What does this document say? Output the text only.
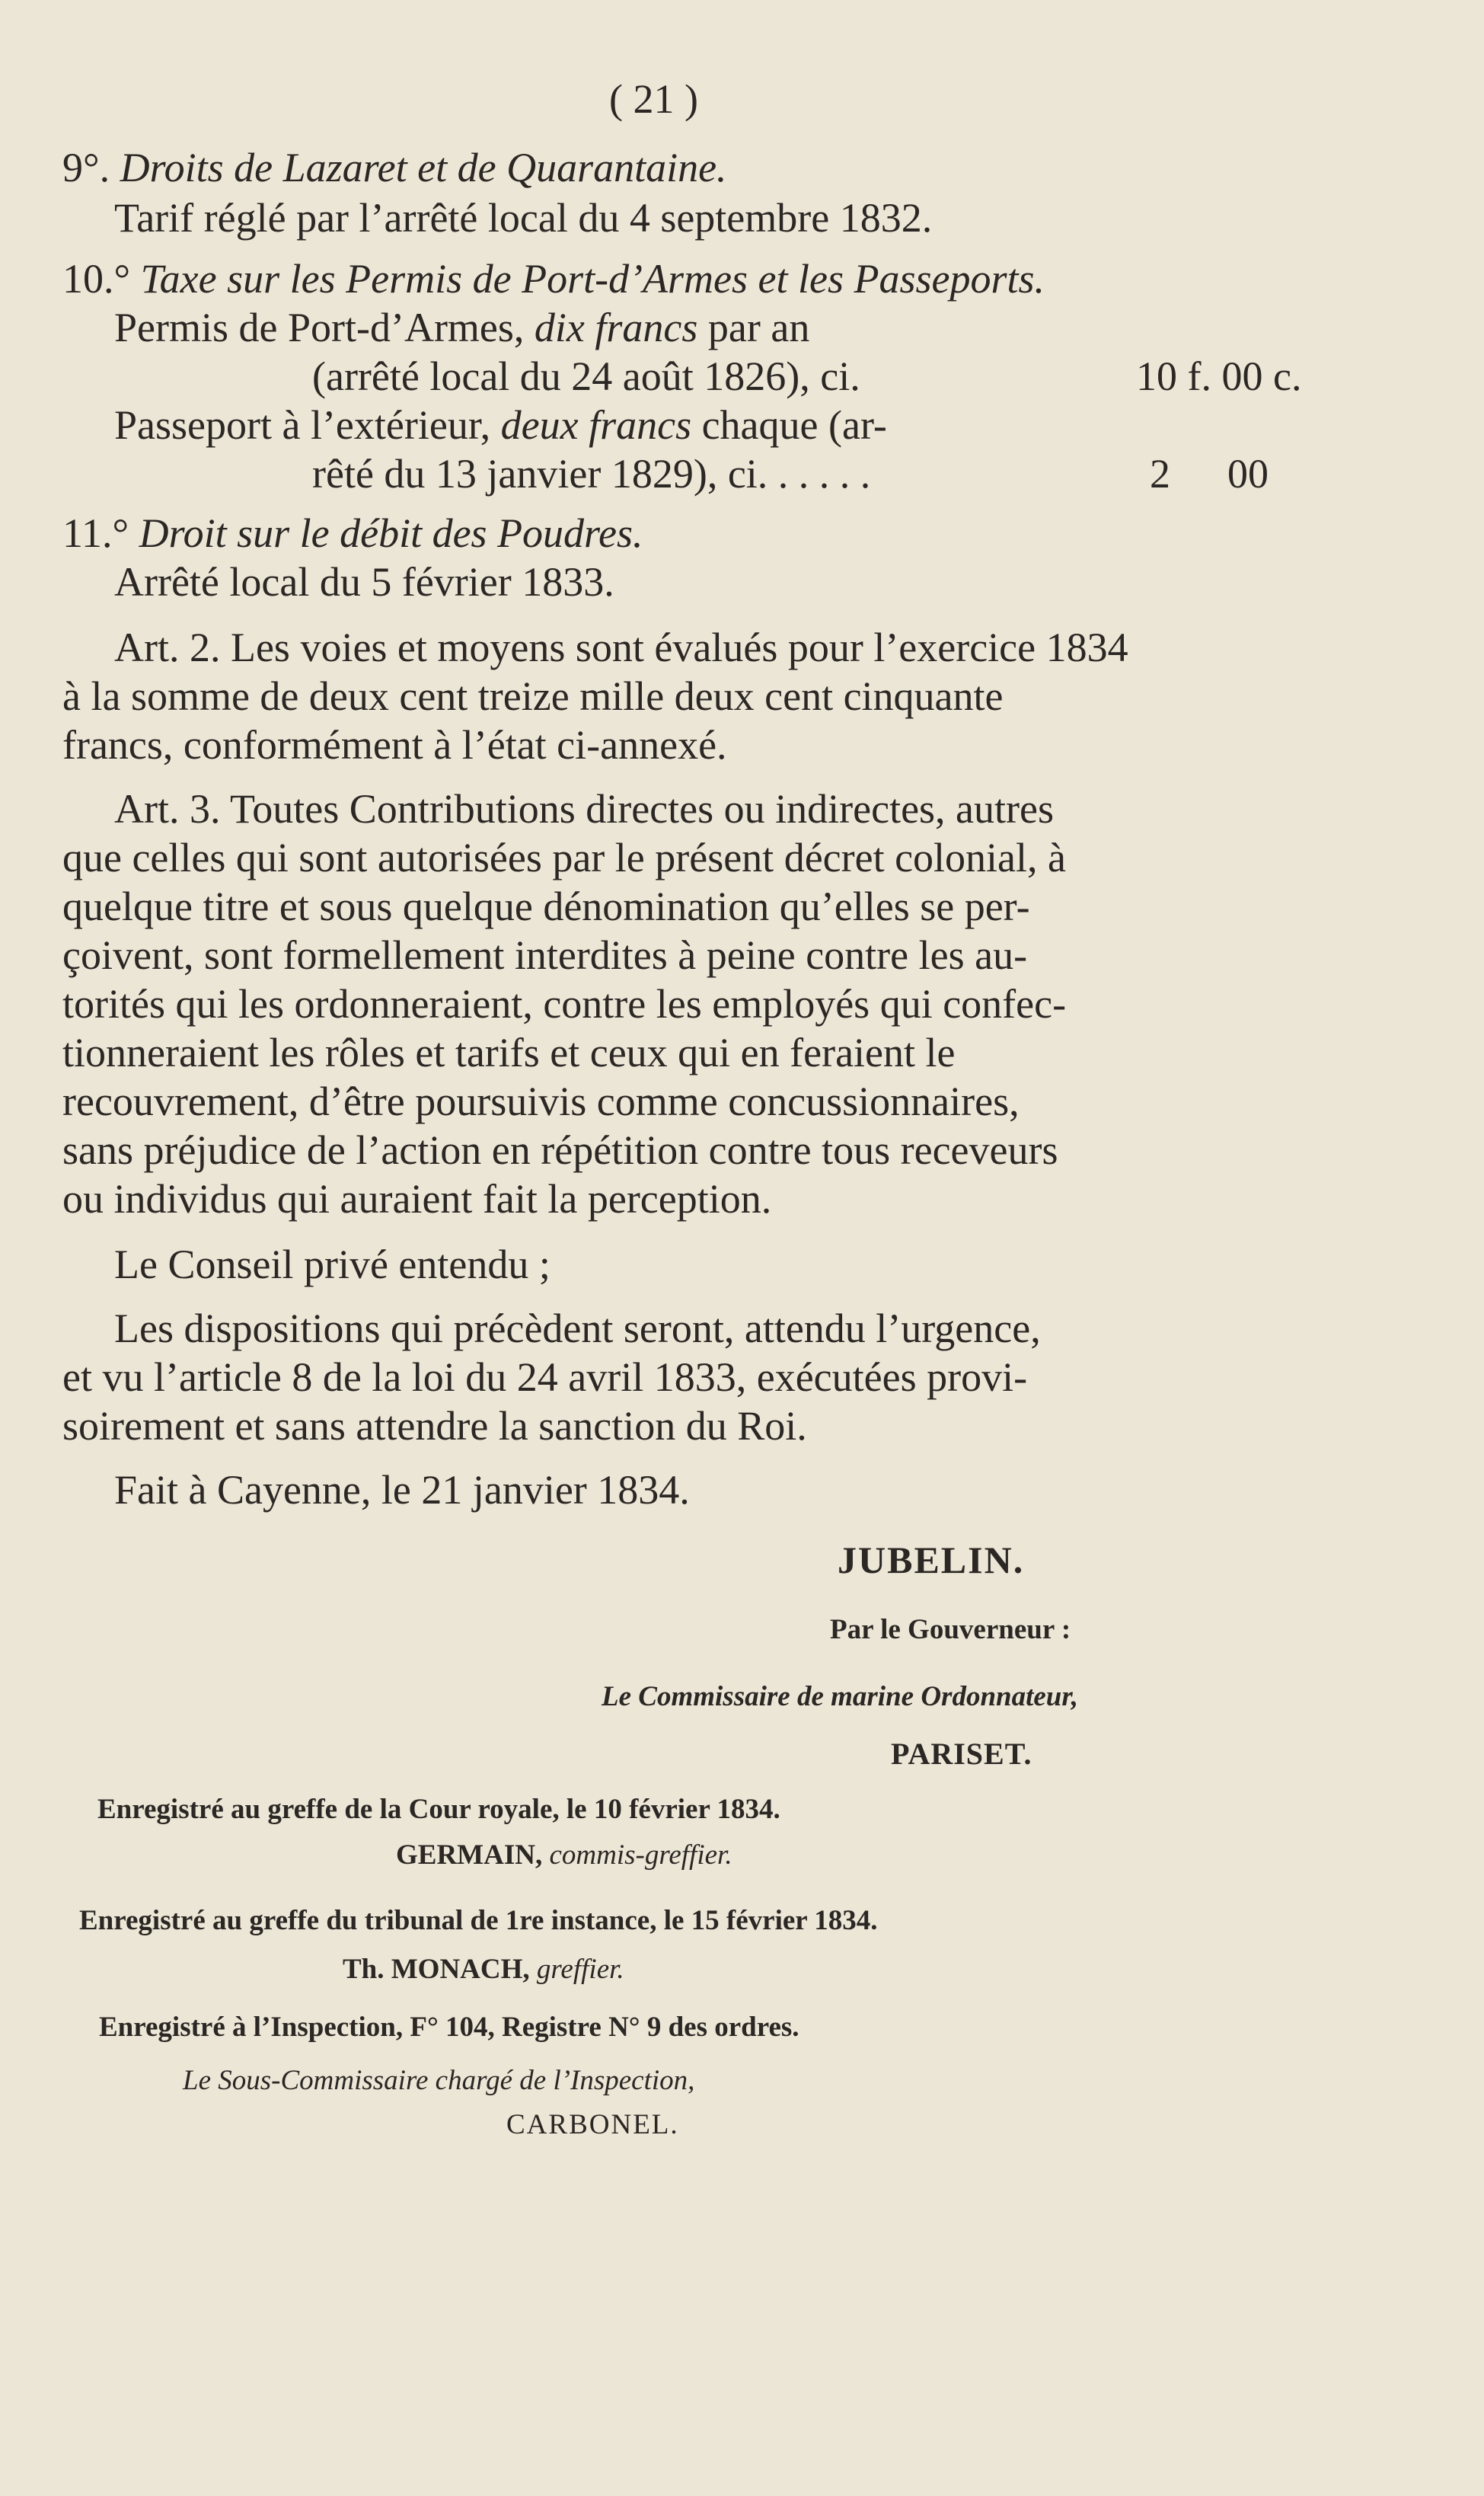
( 21 )
9°. Droits de Lazaret et de Quarantaine.
Tarif réglé par l’arrêté local du 4 septembre 1832.
10.° Taxe sur les Permis de Port-d’Armes et les Passeports.
Permis de Port-d’Armes, dix francs par an
(arrêté local du 24 août 1826), ci.	10 f. 00 c.
Passeport à l’extérieur, deux francs chaque (ar-
rêté du 13 janvier 1829), ci. . . . . .	2 00
11.° Droit sur le débit des Poudres.
Arrêté local du 5 février 1833.
Art. 2. Les voies et moyens sont évalués pour l’exercice 1834
à la somme de deux cent treize mille deux cent cinquante
francs, conformément à l’état ci-annexé.
Art. 3. Toutes Contributions directes ou indirectes, autres
que celles qui sont autorisées par le présent décret colonial, à
quelque titre et sous quelque dénomination qu’elles se per-
çoivent, sont formellement interdites à peine contre les au-
torités qui les ordonneraient, contre les employés qui confec-
tionneraient les rôles et tarifs et ceux qui en feraient le
recouvrement, d’être poursuivis comme concussionnaires,
sans préjudice de l’action en répétition contre tous receveurs
ou individus qui auraient fait la perception.
Le Conseil privé entendu ;
Les dispositions qui précèdent seront, attendu l’urgence,
et vu l’article 8 de la loi du 24 avril 1833, exécutées provi-
soirement et sans attendre la sanction du Roi.
Fait à Cayenne, le 21 janvier 1834.
JUBELIN.
Par le Gouverneur :
Le Commissaire de marine Ordonnateur,
PARISET.
Enregistré au greffe de la Cour royale, le 10 février 1834.
GERMAIN, commis-greffier.
Enregistré au greffe du tribunal de 1re instance, le 15 février 1834.
Th. MONACH, greffier.
Enregistré à l’Inspection, F° 104, Registre N° 9 des ordres.
Le Sous-Commissaire chargé de l’Inspection,
CARBONEL.
